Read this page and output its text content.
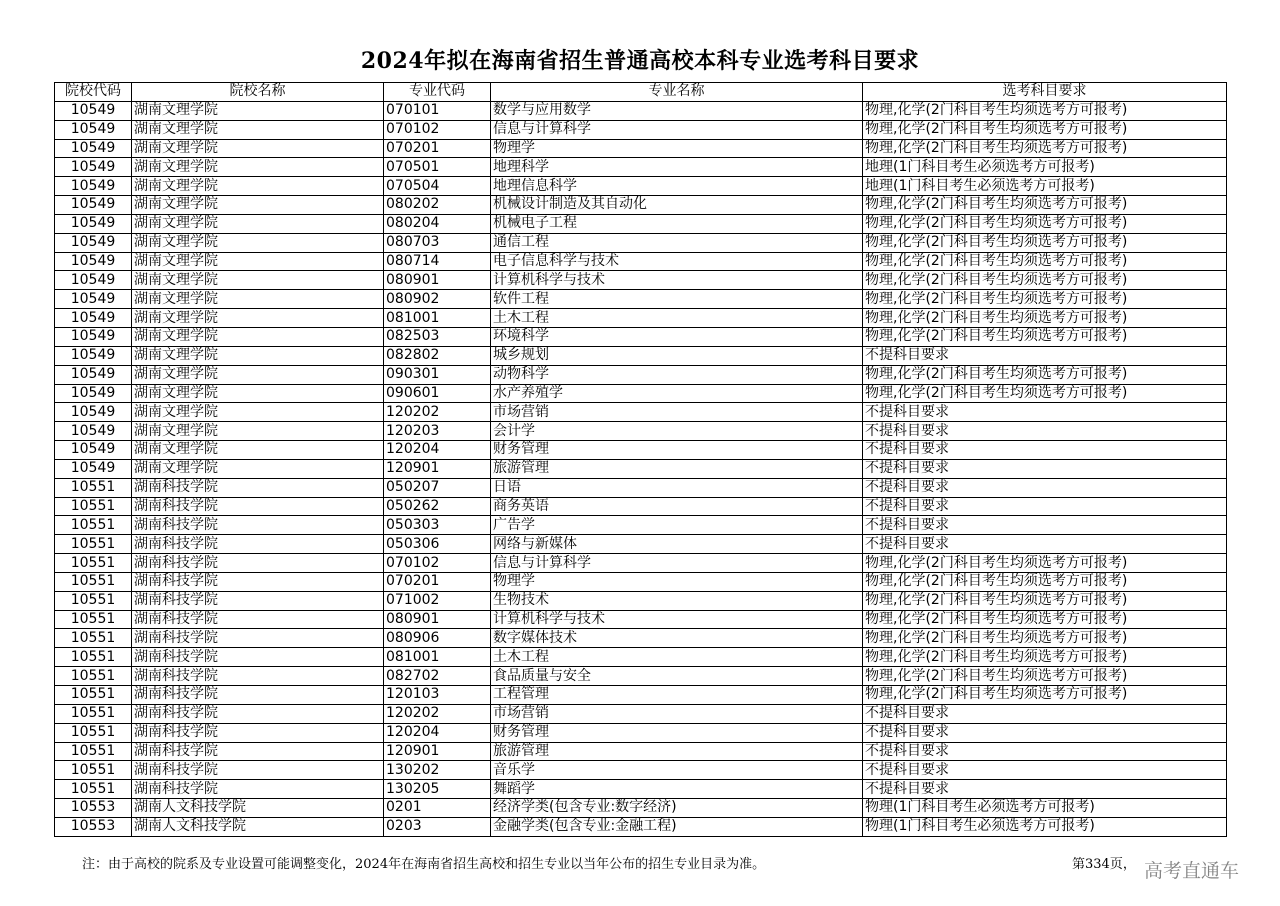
2024年拟在海南省招生普通高校本科专业选考科目要求
院校代码	院校名称	专业代码	专业名称	选考科目要求
10549	湖南文理学院	070101	数学与应用数学	物理,化学(2门科目考生均须选考方可报考)
10549	湖南文理学院	070102	信息与计算科学	物理,化学(2门科目考生均须选考方可报考)
10549	湖南文理学院	070201	物理学	物理,化学(2门科目考生均须选考方可报考)
10549	湖南文理学院	070501	地理科学	地理(1门科目考生必须选考方可报考)
10549	湖南文理学院	070504	地理信息科学	地理(1门科目考生必须选考方可报考)
10549	湖南文理学院	080202	机械设计制造及其自动化	物理,化学(2门科目考生均须选考方可报考)
10549	湖南文理学院	080204	机械电子工程	物理,化学(2门科目考生均须选考方可报考)
10549	湖南文理学院	080703	通信工程	物理,化学(2门科目考生均须选考方可报考)
10549	湖南文理学院	080714	电子信息科学与技术	物理,化学(2门科目考生均须选考方可报考)
10549	湖南文理学院	080901	计算机科学与技术	物理,化学(2门科目考生均须选考方可报考)
10549	湖南文理学院	080902	软件工程	物理,化学(2门科目考生均须选考方可报考)
10549	湖南文理学院	081001	土木工程	物理,化学(2门科目考生均须选考方可报考)
10549	湖南文理学院	082503	环境科学	物理,化学(2门科目考生均须选考方可报考)
10549	湖南文理学院	082802	城乡规划	不提科目要求
10549	湖南文理学院	090301	动物科学	物理,化学(2门科目考生均须选考方可报考)
10549	湖南文理学院	090601	水产养殖学	物理,化学(2门科目考生均须选考方可报考)
10549	湖南文理学院	120202	市场营销	不提科目要求
10549	湖南文理学院	120203	会计学	不提科目要求
10549	湖南文理学院	120204	财务管理	不提科目要求
10549	湖南文理学院	120901	旅游管理	不提科目要求
10551	湖南科技学院	050207	日语	不提科目要求
10551	湖南科技学院	050262	商务英语	不提科目要求
10551	湖南科技学院	050303	广告学	不提科目要求
10551	湖南科技学院	050306	网络与新媒体	不提科目要求
10551	湖南科技学院	070102	信息与计算科学	物理,化学(2门科目考生均须选考方可报考)
10551	湖南科技学院	070201	物理学	物理,化学(2门科目考生均须选考方可报考)
10551	湖南科技学院	071002	生物技术	物理,化学(2门科目考生均须选考方可报考)
10551	湖南科技学院	080901	计算机科学与技术	物理,化学(2门科目考生均须选考方可报考)
10551	湖南科技学院	080906	数字媒体技术	物理,化学(2门科目考生均须选考方可报考)
10551	湖南科技学院	081001	土木工程	物理,化学(2门科目考生均须选考方可报考)
10551	湖南科技学院	082702	食品质量与安全	物理,化学(2门科目考生均须选考方可报考)
10551	湖南科技学院	120103	工程管理	物理,化学(2门科目考生均须选考方可报考)
10551	湖南科技学院	120202	市场营销	不提科目要求
10551	湖南科技学院	120204	财务管理	不提科目要求
10551	湖南科技学院	120901	旅游管理	不提科目要求
10551	湖南科技学院	130202	音乐学	不提科目要求
10551	湖南科技学院	130205	舞蹈学	不提科目要求
10553	湖南人文科技学院	0201	经济学类(包含专业:数字经济)	物理(1门科目考生必须选考方可报考)
10553	湖南人文科技学院	0203	金融学类(包含专业:金融工程)	物理(1门科目考生必须选考方可报考)
注：由于高校的院系及专业设置可能调整变化，2024年在海南省招生高校和招生专业以当年公布的招生专业目录为准。	第334页， 高考直通车
